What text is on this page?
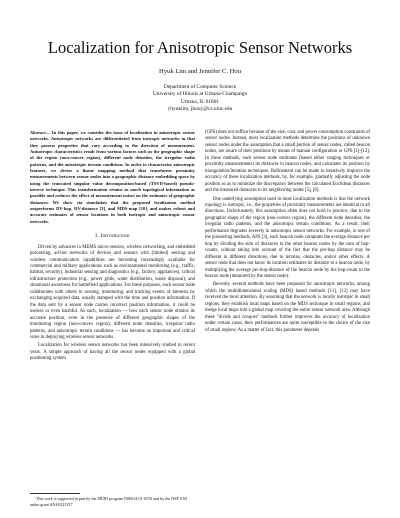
Localization for Anisotropic Sensor Networks
Hyuk Lim and Jennifer C. Hou
Department of Computer Science
University of Illinois at Urbana-Champaign
Urbana, IL 61801
{hyuklim, jhou}@cs.uiuc.edu
Abstract— In this paper, we consider the issue of localization in anisotropic sensor networks. Anisotropic networks are differentiated from isotropic networks in that they possess properties that vary according to the direction of measurement. Anisotropic characteristics result from various factors such as the geographic shape of the region (non-convex region), different node densities, the irregular radio patterns, and the anisotropic terrain conditions. In order to characterize anisotropic features, we devise a linear mapping method that transforms proximity measurements between sensor nodes into a geographic distance embedding space by using the truncated singular value decomposition-based (TSVD-based) pseudo-inverse technique. This transformation retains as much topological information as possible and reduces the effect of measurement noises on the estimates of geographic distances. We show via simulation that the proposed localization method outperforms DV-hop, DV-distance [3], and MDS-map [10], and makes robust and accurate estimates of sensor locations in both isotropic and anisotropic sensor networks.
I. Introduction

Driven by advances in MEMS micro-sensors, wireless networking, and embedded processing, ad-hoc networks of devices and sensors with (limited) sensing and wireless communication capabilities are becoming increasingly available for commercial and military applications such as environmental monitoring (e.g., traffic, habitat, security), industrial sensing and diagnostics (e.g., factory, appliances), critical infrastructure protection (e.g., power grids, water distribution, waste disposal), and situational awareness for battlefield applications. For these purposes, each sensor node collaborates with others in sensing, monitoring, and tracking events of interests by exchanging acquired data, usually stamped with the time and position information. If the data sent by a sensor node carries incorrect position information, it could be useless or even harmful. As such, localization — how each sensor node obtains its accurate position, even in the presence of different geographic shapes of the monitoring region (non-convex region), different node densities, irregular radio patterns, and anisotropic terrain conditions — has become an important and critical issue in deploying wireless sensor networks.

Localization for wireless sensor networks has been intensively studied in recent years. A simple approach of having all the sensor nodes equipped with a global positioning system

This work is supported in part by the MURI program N00014-01-0576 and by the NSF ANI under grant ANI-0221357.

(GPS) does not suffice because of the size, cost, and power consumption constraints of sensor nodes. Instead, most localization methods determine the positions of unknown sensor nodes under the assumption that a small portion of sensor nodes, called beacon nodes, are aware of their positions by means of manual configuration or GPS [1]-[12]. In these methods, each sensor node estimates (based either ranging techniques or proximity measurements) its distances to beacon nodes, and calculates its position by triangulation/iteration techniques. Refinement can be made to iteratively improve the accuracy of these localization methods, by, for example, gradually adjusting the node position so as to minimize the discrepancy between the calculated Euclidean distances and the measured distances to its neighboring nodes [5], [6].

One underlying assumption used in most localization methods is that the network topology is isotropic, i.e., the properties of proximity measurements are identical in all directions. Unfortunately, this assumption often does not hold in practice, due to the geographic shape of the region (non-convex region), the different node densities, the irregular radio patterns, and the anisotropic terrain conditions. As a result, their performance degrades severely in anisotropic sensor networks. For example, in one of the pioneering methods, APS [3], each beacon node computes the average distance per hop by dividing the sum of distances to the other beacon nodes by the sum of hop-counts, without taking into account of the fact that the per-hop distance may be different in different directions, due to terrains, obstacles, and/or other effects. A sensor node that does not know its location estimates its distance to a beacon node, by multiplying the average per-hop-distance of the beacon node by the hop-count to the beacon node (measured by the sensor node).

Recently, several methods have been proposed for anisotropic networks, among which the multidimensional scaling (MDS) based methods [11], [12] may have received the most attention. By assuming that the network is locally isotropic in small regions, they establish local maps based on the MDS technique in small regions, and merge local maps into a global map covering the entire sensor network area. Although these "divide and conquer" methods further improves the accuracy of localization under certain cases, their performances are quite susceptible to the choice of the size of small regions. As a matter of fact, this parameter depends
